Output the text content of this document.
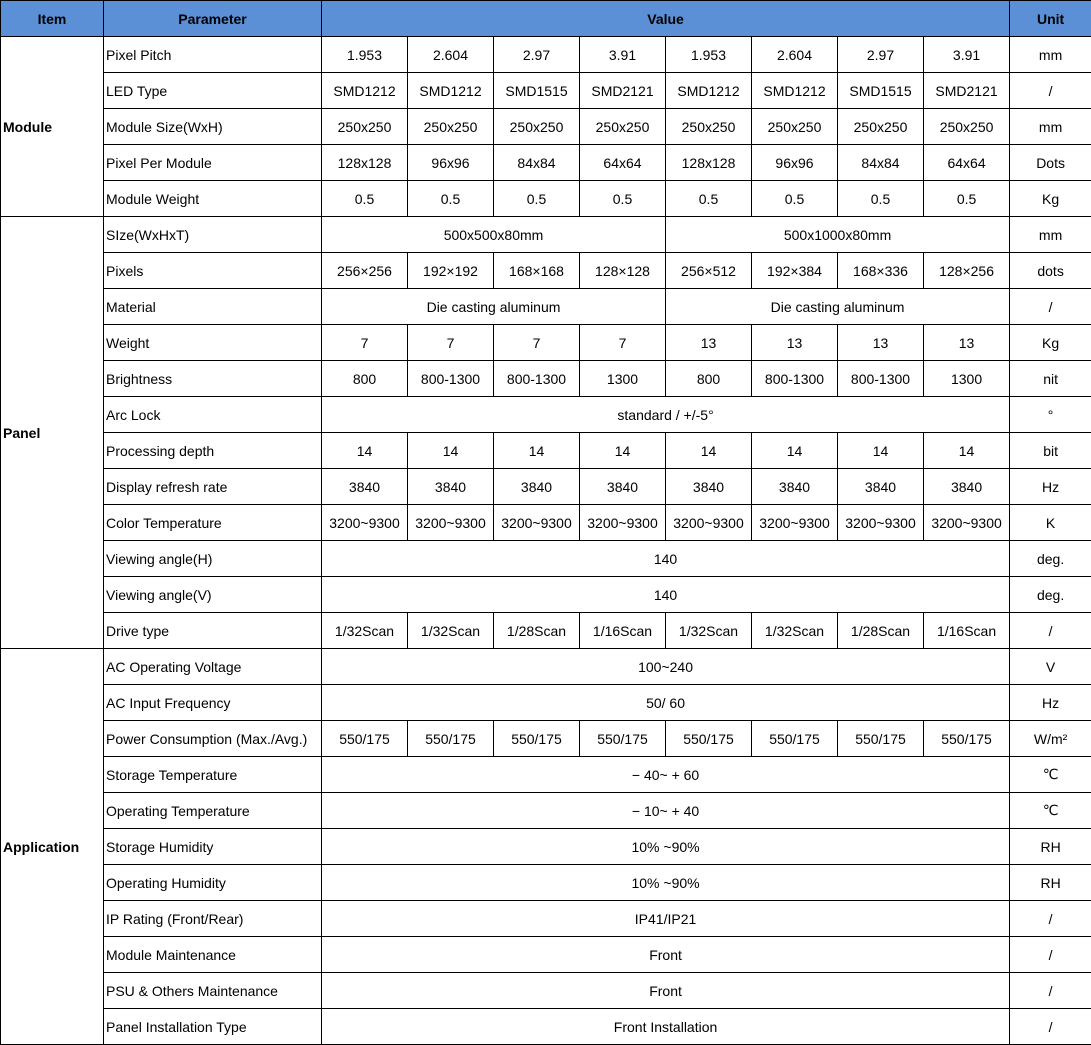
Item	Parameter	Value								Unit
Module	Pixel Pitch	1.953	2.604	2.97	3.91	1.953	2.604	2.97	3.91	mm
	LED Type	SMD1212	SMD1212	SMD1515	SMD2121	SMD1212	SMD1212	SMD1515	SMD2121	/
	Module Size(WxH)	250x250	250x250	250x250	250x250	250x250	250x250	250x250	250x250	mm
	Pixel Per Module	128x128	96x96	84x84	64x64	128x128	96x96	84x84	64x64	Dots
	Module Weight	0.5	0.5	0.5	0.5	0.5	0.5	0.5	0.5	Kg
Panel	SIze(WxHxT)	500x500x80mm				500x1000x80mm				mm
	Pixels	256×256	192×192	168×168	128×128	256×512	192×384	168×336	128×256	dots
	Material	Die casting aluminum				Die casting aluminum				/
	Weight	7	7	7	7	13	13	13	13	Kg
	Brightness	800	800-1300	800-1300	1300	800	800-1300	800-1300	1300	nit
	Arc Lock	standard / +/-5°								°
	Processing depth	14	14	14	14	14	14	14	14	bit
	Display refresh rate	3840	3840	3840	3840	3840	3840	3840	3840	Hz
	Color Temperature	3200~9300	3200~9300	3200~9300	3200~9300	3200~9300	3200~9300	3200~9300	3200~9300	K
	Viewing angle(H)	140								deg.
	Viewing angle(V)	140								deg.
	Drive type	1/32Scan	1/32Scan	1/28Scan	1/16Scan	1/32Scan	1/32Scan	1/28Scan	1/16Scan	/
Application	AC Operating Voltage	100~240								V
	AC Input Frequency	50/ 60								Hz
	Power Consumption (Max./Avg.)	550/175	550/175	550/175	550/175	550/175	550/175	550/175	550/175	W/m²
	Storage Temperature	− 40~ + 60								℃
	Operating Temperature	− 10~ + 40								℃
	Storage Humidity	10% ~90%								RH
	Operating Humidity	10% ~90%								RH
	IP Rating (Front/Rear)	IP41/IP21								/
	Module Maintenance	Front								/
	PSU & Others Maintenance	Front								/
	Panel Installation Type	Front Installation								/
